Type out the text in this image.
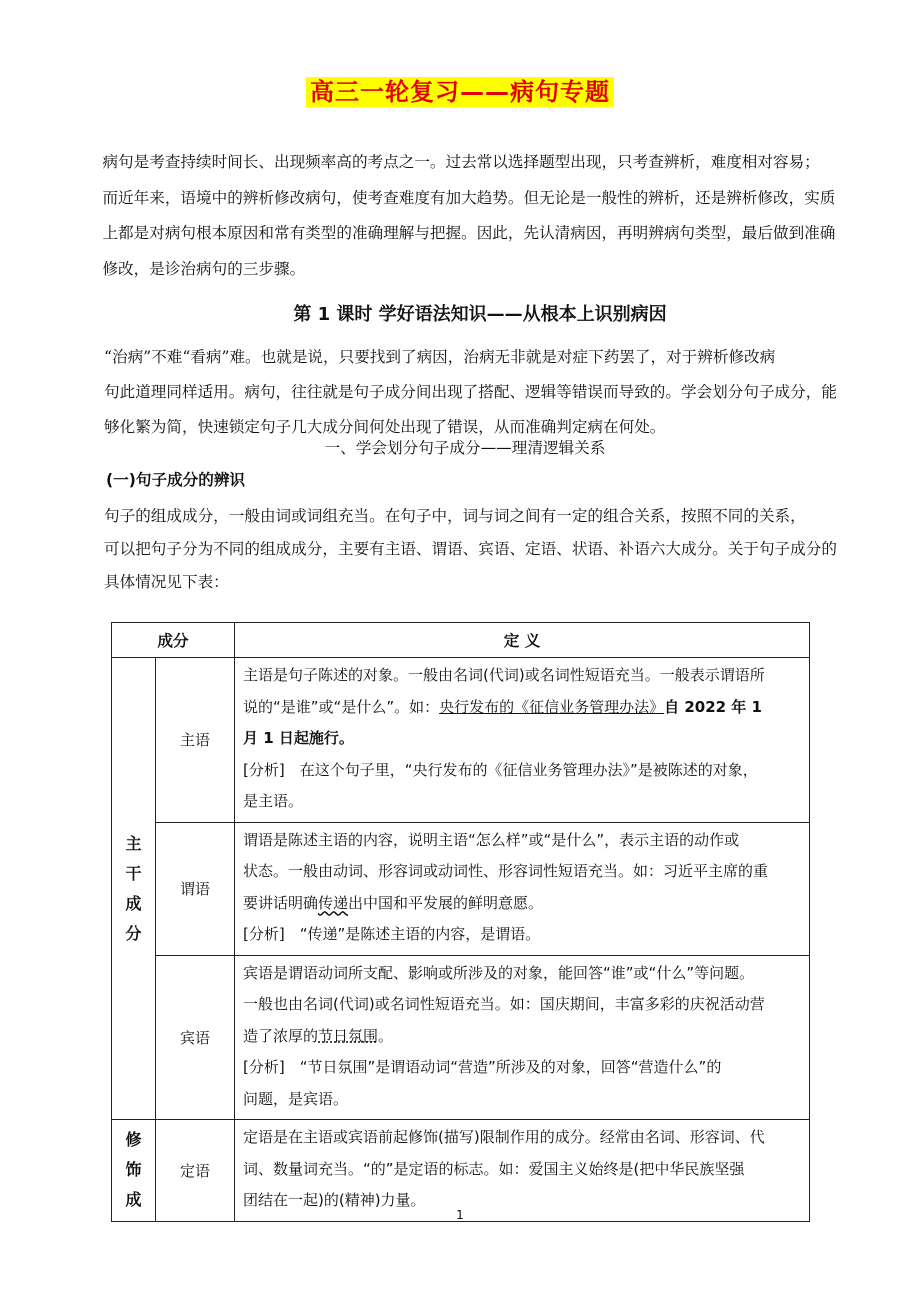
高三一轮复习——病句专题

病句是考查持续时间长、出现频率高的考点之一。过去常以选择题型出现，只考查辨析，难度相对容易；
而近年来，语境中的辨析修改病句，使考查难度有加大趋势。但无论是一般性的辨析，还是辨析修改，实质
上都是对病句根本原因和常有类型的准确理解与把握。因此，先认清病因，再明辨病句类型，最后做到准确
修改，是诊治病句的三步骤。

第 1 课时 学好语法知识——从根本上识别病因
“治病”不难“看病”难。也就是说，只要找到了病因，治病无非就是对症下药罢了，对于辨析修改病
句此道理同样适用。病句，往往就是句子成分间出现了搭配、逻辑等错误而导致的。学会划分句子成分，能
够化繁为简，快速锁定句子几大成分间何处出现了错误，从而准确判定病在何处。
一、学会划分句子成分——理清逻辑关系
(一)句子成分的辨识
句子的组成成分，一般由词或词组充当。在句子中，词与词之间有一定的组合关系，按照不同的关系，
可以把句子分为不同的组成成分，主要有主语、谓语、宾语、定语、状语、补语六大成分。关于句子成分的
具体情况见下表：
成分		定 义

主
干
成
分	主语	主语是句子陈述的对象。一般由名词(代词)或名词性短语充当。一般表示谓语所
说的“是谁”或“是什么”。如：央行发布的《征信业务管理办法》自 2022 年 1
月 1 日起施行。
[分析]　在这个句子里，“央行发布的《征信业务管理办法》”是被陈述的对象，
是主语。

	谓语	谓语是陈述主语的内容，说明主语“怎么样”或“是什么”，表示主语的动作或
状态。一般由动词、形容词或动词性、形容词性短语充当。如：习近平主席的重
要讲话明确传递出中国和平发展的鲜明意愿。
[分析]　“传递”是陈述主语的内容，是谓语。

	宾语	宾语是谓语动词所支配、影响或所涉及的对象，能回答“谁”或“什么”等问题。
一般也由名词(代词)或名词性短语充当。如：国庆期间，丰富多彩的庆祝活动营
造了浓厚的节日氛围。
[分析]　“节日氛围”是谓语动词“营造”所涉及的对象，回答“营造什么”的
问题，是宾语。

修
饰
成	定语	定语是在主语或宾语前起修饰(描写)限制作用的成分。经常由名词、形容词、代
词、数量词充当。“的”是定语的标志。如：爱国主义始终是(把中华民族坚强
团结在一起)的(精神)力量。
1
